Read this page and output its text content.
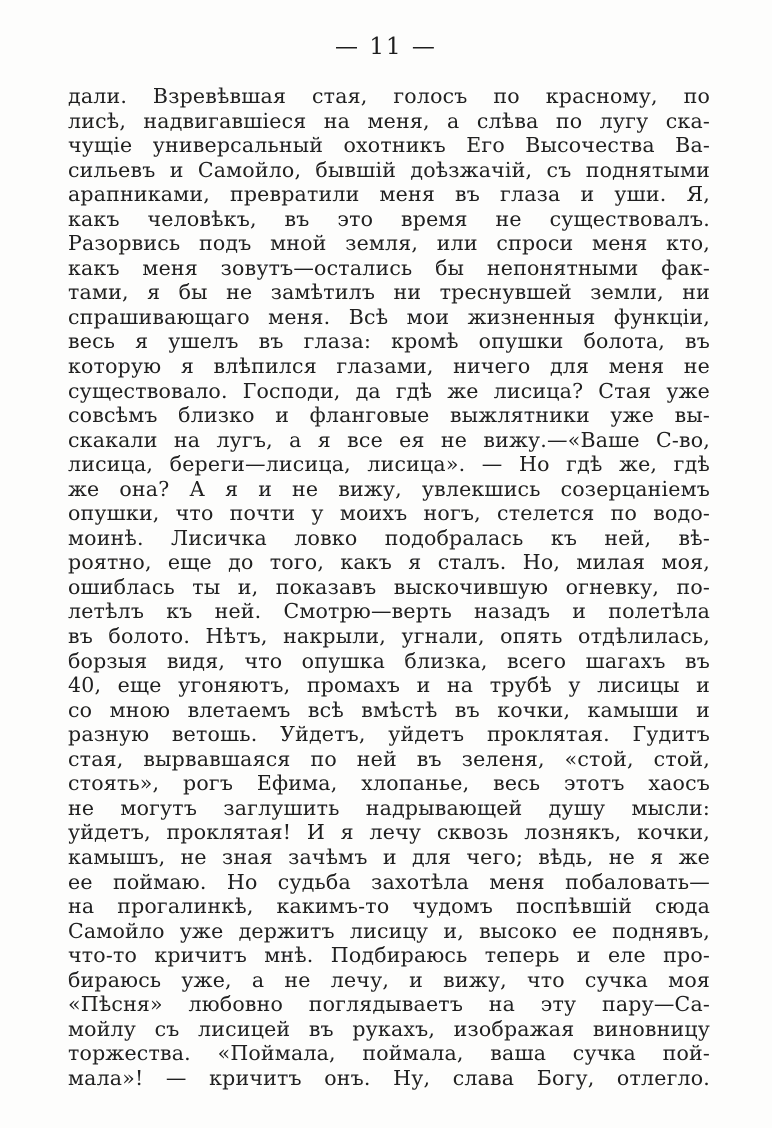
— 11 —
дали. Взревѣвшая стая, голосъ по красному, по
лисѣ, надвигавшіеся на меня, а слѣва по лугу ска-
чущіе универсальный охотникъ Его Высочества Ва-
сильевъ и Самойло, бывшій доѣзжачій, съ поднятыми
арапниками, превратили меня въ глаза и уши. Я,
какъ человѣкъ, въ это время не существовалъ.
Разорвись подъ мной земля, или спроси меня кто,
какъ меня зовутъ—остались бы непонятными фак-
тами, я бы не замѣтилъ ни треснувшей земли, ни
спрашивающаго меня. Всѣ мои жизненныя функціи,
весь я ушелъ въ глаза: кромѣ опушки болота, въ
которую я влѣпился глазами, ничего для меня не
существовало. Господи, да гдѣ же лисица? Стая уже
совсѣмъ близко и фланговые выжлятники уже вы-
скакали на лугъ, а я все ея не вижу.—«Ваше С-во,
лисица, береги—лисица, лисица». — Но гдѣ же, гдѣ
же она? А я и не вижу, увлекшись созерцаніемъ
опушки, что почти у моихъ ногъ, стелется по водо-
моинѣ. Лисичка ловко подобралась къ ней, вѣ-
роятно, еще до того, какъ я сталъ. Но, милая моя,
ошиблась ты и, показавъ выскочившую огневку, по-
летѣлъ къ ней. Смотрю—верть назадъ и полетѣла
въ болото. Нѣтъ, накрыли, угнали, опять отдѣлилась,
борзыя видя, что опушка близка, всего шагахъ въ
40, еще угоняютъ, промахъ и на трубѣ у лисицы и
со мною влетаемъ всѣ вмѣстѣ въ кочки, камыши и
разную ветошь. Уйдетъ, уйдетъ проклятая. Гудитъ
стая, вырвавшаяся по ней въ зеленя, «стой, стой,
стоять», рогъ Ефима, хлопанье, весь этотъ хаосъ
не могутъ заглушить надрывающей душу мысли:
уйдетъ, проклятая! И я лечу сквозь лознякъ, кочки,
камышъ, не зная зачѣмъ и для чего; вѣдь, не я же
ее поймаю. Но судьба захотѣла меня побаловать—
на прогалинкѣ, какимъ-то чудомъ поспѣвшій сюда
Самойло уже держитъ лисицу и, высоко ее поднявъ,
что-то кричитъ мнѣ. Подбираюсь теперь и еле про-
бираюсь уже, а не лечу, и вижу, что сучка моя
«Пѣсня» любовно поглядываетъ на эту пару—Са-
мойлу съ лисицей въ рукахъ, изображая виновницу
торжества. «Поймала, поймала, ваша сучка пой-
мала»! — кричитъ онъ. Ну, слава Богу, отлегло.
